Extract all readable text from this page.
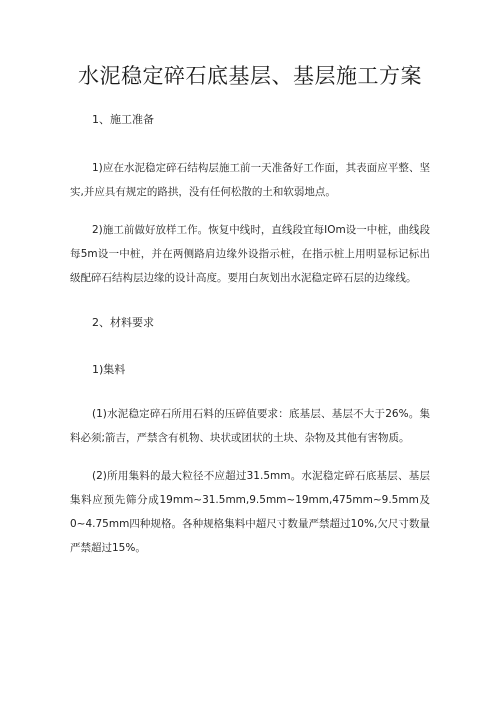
水泥稳定碎石底基层、基层施工方案

1、施工准备

1)应在水泥稳定碎石结构层施工前一天准备好工作面，其表面应平整、坚实,并应具有规定的路拱，没有任何松散的土和软弱地点。

2)施工前做好放样工作。恢复中线时，直线段宜每IOm设一中桩，曲线段每5m设一中桩，并在两侧路肩边缘外设指示桩，在指示桩上用明显标记标出级配碎石结构层边缘的设计高度。要用白灰划出水泥稳定碎石层的边缘线。

2、材料要求

1)集料

(1)水泥稳定碎石所用石料的压碎值要求：底基层、基层不大于26%。集料必须;箭吉，严禁含有机物、块状或团状的土块、杂物及其他有害物质。

(2)所用集料的最大粒径不应超过31.5mm。水泥稳定碎石底基层、基层集料应预先筛分成19mm~31.5mm,9.5mm~19mm,475mm~9.5mm及0~4.75mm四种规格。各种规格集料中超尺寸数量严禁超过10%,欠尺寸数量严禁超过15%。
